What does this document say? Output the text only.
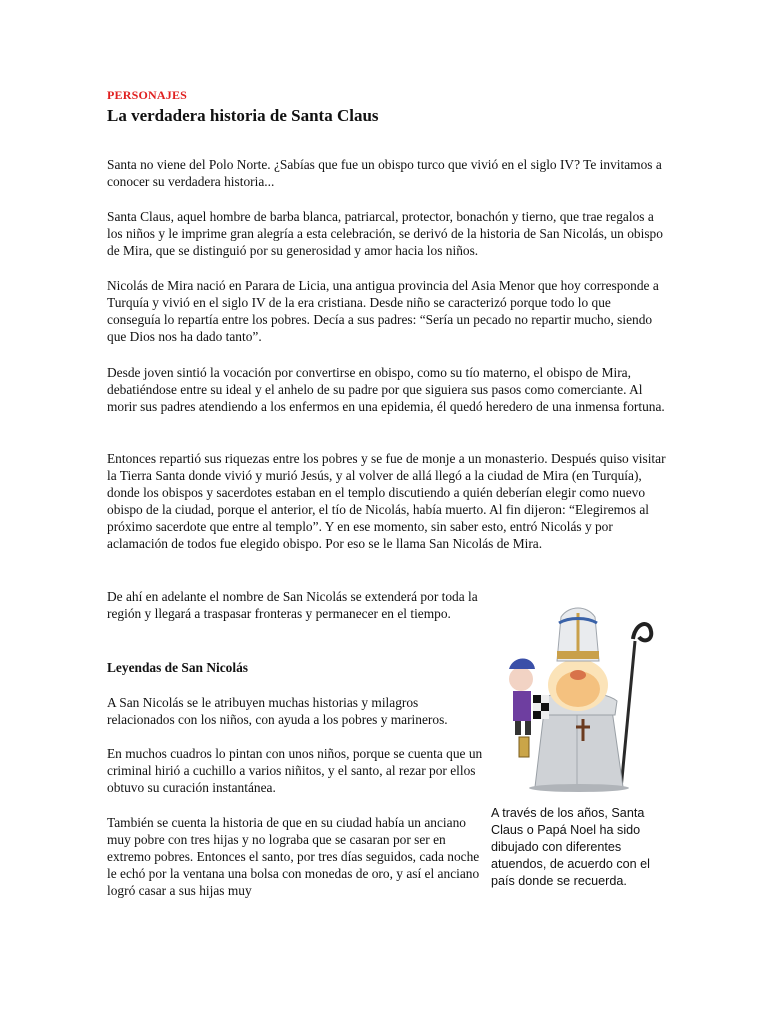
PERSONAJES

La verdadera historia de Santa Claus

Santa no viene del Polo Norte. ¿Sabías que fue un obispo turco que vivió en el siglo IV? Te invitamos a conocer su verdadera historia...

Santa Claus, aquel hombre de barba blanca, patriarcal, protector, bonachón y tierno, que trae regalos a los niños y le imprime gran alegría a esta celebración, se derivó de la historia de San Nicolás, un obispo de Mira, que se distinguió por su generosidad y amor hacia los niños.

Nicolás de Mira nació en Parara de Licia, una antigua provincia del Asia Menor que hoy corresponde a Turquía y vivió en el siglo IV de la era cristiana. Desde niño se caracterizó porque todo lo que conseguía lo repartía entre los pobres. Decía a sus padres: “Sería un pecado no repartir mucho, siendo que Dios nos ha dado tanto”.

Desde joven sintió la vocación por convertirse en obispo, como su tío materno, el obispo de Mira, debatiéndose entre su ideal y el anhelo de su padre por que siguiera sus pasos como comerciante. Al morir sus padres atendiendo a los enfermos en una epidemia, él quedó heredero de una inmensa fortuna.

Entonces repartió sus riquezas entre los pobres y se fue de monje a un monasterio. Después quiso visitar la Tierra Santa donde vivió y murió Jesús, y al volver de allá llegó a la ciudad de Mira (en Turquía), donde los obispos y sacerdotes estaban en el templo discutiendo a quién deberían elegir como nuevo obispo de la ciudad, porque el anterior, el tío de Nicolás, había muerto. Al fin dijeron: “Elegiremos al próximo sacerdote que entre al templo”. Y en ese momento, sin saber esto, entró Nicolás y por aclamación de todos fue elegido obispo. Por eso se le llama San Nicolás de Mira.

De ahí en adelante el nombre de San Nicolás se extenderá por toda la región y llegará a traspasar fronteras y permanecer en el tiempo.

Leyendas de San Nicolás

A San Nicolás se le atribuyen muchas historias y milagros relacionados con los niños, con ayuda a los pobres y marineros.

En muchos cuadros lo pintan con unos niños, porque se cuenta que un criminal hirió a cuchillo a varios niñitos, y el santo, al rezar por ellos obtuvo su curación instantánea.

También se cuenta la historia de que en su ciudad había un anciano muy pobre con tres hijas y no lograba que se casaran por ser en extremo pobres. Entonces el santo, por tres días seguidos, cada noche le echó por la ventana una bolsa con monedas de oro, y así el anciano logró casar a sus hijas muy

A través de los años, Santa Claus o Papá Noel ha sido dibujado con diferentes atuendos, de acuerdo con el país donde se recuerda.
